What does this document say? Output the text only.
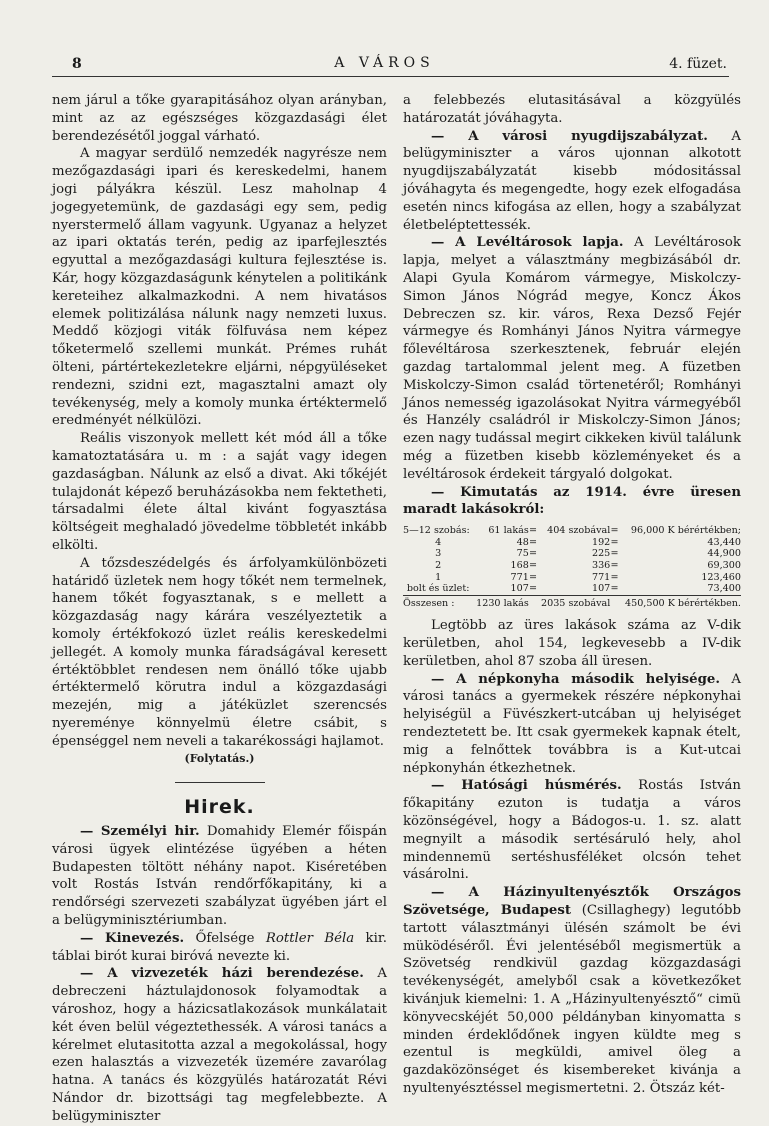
8	A VÁROS	4. füzet.

nem járul a tőke gyarapitásához olyan arányban, mint az az egészséges közgazdasági élet berendezésétől joggal várható.

A magyar serdülő nemzedék nagyrésze nem mezőgazdasági ipari és kereskedelmi, hanem jogi pályákra készül. Lesz maholnap 4 jogegyetemünk, de gazdasági egy sem, pedig nyerstermelő állam vagyunk. Ugyanaz a helyzet az ipari oktatás terén, pedig az iparfejlesztés egyuttal a mezőgazdasági kultura fejlesztése is. Kár, hogy közgazdaságunk kénytelen a politikánk kereteihez alkalmazkodni. A nem hivatásos elemek politizálása nálunk nagy nemzeti luxus. Meddő közjogi viták fölfuvása nem képez tőketermelő szellemi munkát. Prémes ruhát ölteni, pártértekezletekre eljárni, népgyüléseket rendezni, szidni ezt, magasztalni amazt oly tevékenység, mely a komoly munka értéktermelő eredményét nélkülözi.

Reális viszonyok mellett két mód áll a tőke kamatoztatására u. m : a saját vagy idegen gazdaságban. Nálunk az első a divat. Aki tőkéjét tulajdonát képező beruházásokba nem fektetheti, társadalmi élete által kivánt fogyasztása költségeit meghaladó jövedelme többletét inkább elkölti.

A tőzsdeszédelgés és árfolyamkülönbözeti határidő üzletek nem hogy tőkét nem termelnek, hanem tőkét fogyasztanak, s e mellett a közgazdaság nagy kárára veszélyeztetik a komoly értékfokozó üzlet reális kereskedelmi jellegét. A komoly munka fáradságával keresett értéktöbblet rendesen nem önálló tőke ujabb értéktermelő körutra indul a közgazdasági mezején, mig a játéküzlet szerencsés nyereménye könnyelmü életre csábit, s épenséggel nem neveli a takarékossági hajlamot.

(Folytatás.)

Hirek.

— Személyi hir. Domahidy Elemér főispán városi ügyek elintézése ügyében a héten Budapesten töltött néhány napot. Kiséretében volt Rostás István rendőrfőkapitány, ki a rendőrségi szervezeti szabályzat ügyében járt el a belügyminisztériumban.

— Kinevezés. Őfelsége Rottler Béla kir. táblai birót kurai biróvá nevezte ki.

— A vizvezeték házi berendezése. A debreczeni háztulajdonosok folyamodtak a városhoz, hogy a házicsatlakozások munkálatait két éven belül végeztethessék. A városi tanács a kérelmet elutasitotta azzal a megokolással, hogy ezen halasztás a vizvezeték üzemére zavarólag hatna. A tanács és közgyülés határozatát Révi Nándor dr. bizottsági tag megfelebbezte. A belügyminiszter

a felebbezés elutasitásával a közgyülés határozatát jóváhagyta.

— A városi nyugdijszabályzat. A belügyminiszter a város ujonnan alkotott nyugdijszabályzatát kisebb módositással jóváhagyta és megengedte, hogy ezek elfogadása esetén nincs kifogása az ellen, hogy a szabályzat életbeléptettessék.

— A Levéltárosok lapja. A Levéltárosok lapja, melyet a választmány megbizásából dr. Alapi Gyula Komárom vármegye, Miskolczy-Simon János Nógrád megye, Koncz Ákos Debreczen sz. kir. város, Rexa Dezső Fejér vármegye és Romhányi János Nyitra vármegye főlevéltárosa szerkesztenek, február elején gazdag tartalommal jelent meg. A füzetben Miskolczy-Simon család törtenetéről; Romhányi János nemesség igazolásokat Nyitra vármegyéből és Hanzély családról ir Miskolczy-Simon János; ezen nagy tudással megirt cikkeken kivül találunk még a füzetben kisebb közleményeket és a levéltárosok érdekeit tárgyaló dolgokat.

— Kimutatás az 1914. évre üresen maradt lakásokról:

5—12 szobás:	61 lakás	=	404 szobával	=	96,000 K bérértékben;
4	48	=	192	=	43,440
3	75	=	225	=	44,900
2	168	=	336	=	69,300
1	771	=	771	=	123,460
bolt és üzlet:	107	=	107	=	73,400
Összesen :	1230 lakás		2035 szobával		450,500 K bérértékben.

Legtöbb az üres lakások száma az V-dik kerületben, ahol 154, legkevesebb a IV-dik kerületben, ahol 87 szoba áll üresen.

— A népkonyha második helyisége. A városi tanács a gyermekek részére népkonyhai helyiségül a Füvészkert-utcában uj helyiséget rendeztetett be. Itt csak gyermekek kapnak ételt, mig a felnőttek továbbra is a Kut-utcai népkonyhán étkezhetnek.

— Hatósági húsmérés. Rostás István főkapitány ezuton is tudatja a város közönségével, hogy a Bádogos-u. 1. sz. alatt megnyilt a második sertésáruló hely, ahol mindennemü sertéshusféléket olcsón tehet vásárolni.

— A Házinyultenyésztők Országos Szövetsége, Budapest (Csillaghegy) legutóbb tartott választmányi ülésén számolt be évi müködéséről. Évi jelentéséből megismertük a Szövetség rendkivül gazdag közgazdasági tevékenységét, amelyből csak a következőket kivánjuk kiemelni: 1. A „Házinyultenyésztő“ cimü könyvecskéjét 50,000 példányban kinyomatta s minden érdeklődőnek ingyen küldte meg s ezentul is megküldi, amivel öleg a gazdaközönséget és kisembereket kivánja a nyultenyésztéssel megismertetni. 2. Ötszáz két-
